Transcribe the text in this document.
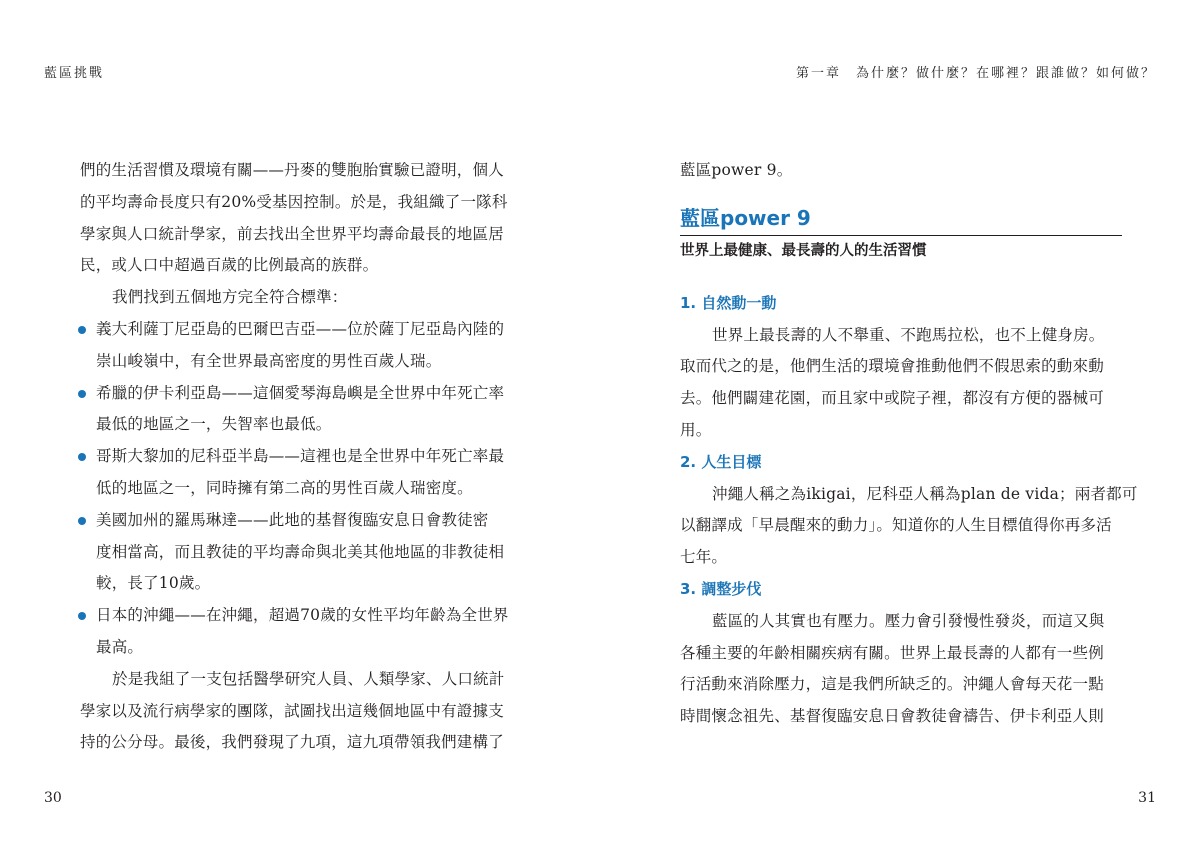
藍區挑戰
們的生活習慣及環境有關——丹麥的雙胞胎實驗已證明，個人
的平均壽命長度只有20%受基因控制。於是，我組織了一隊科
學家與人口統計學家，前去找出全世界平均壽命最長的地區居
民，或人口中超過百歲的比例最高的族群。
我們找到五個地方完全符合標準：
義大利薩丁尼亞島的巴爾巴吉亞——位於薩丁尼亞島內陸的
崇山峻嶺中，有全世界最高密度的男性百歲人瑞。
希臘的伊卡利亞島——這個愛琴海島嶼是全世界中年死亡率
最低的地區之一，失智率也最低。
哥斯大黎加的尼科亞半島——這裡也是全世界中年死亡率最
低的地區之一，同時擁有第二高的男性百歲人瑞密度。
美國加州的羅馬琳達——此地的基督復臨安息日會教徒密
度相當高，而且教徒的平均壽命與北美其他地區的非教徒相
較，長了10歲。
日本的沖繩——在沖繩，超過70歲的女性平均年齡為全世界
最高。
於是我組了一支包括醫學研究人員、人類學家、人口統計
學家以及流行病學家的團隊，試圖找出這幾個地區中有證據支
持的公分母。最後，我們發現了九項，這九項帶領我們建構了
30
第一章　為什麼？做什麼？在哪裡？跟誰做？如何做？
藍區power 9。
藍區power 9
世界上最健康、最長壽的人的生活習慣
1. 自然動一動
世界上最長壽的人不舉重、不跑馬拉松，也不上健身房。
取而代之的是，他們生活的環境會推動他們不假思索的動來動
去。他們闢建花園，而且家中或院子裡，都沒有方便的器械可
用。
2. 人生目標
沖繩人稱之為ikigai，尼科亞人稱為plan de vida；兩者都可
以翻譯成「早晨醒來的動力」。知道你的人生目標值得你再多活
七年。
3. 調整步伐
藍區的人其實也有壓力。壓力會引發慢性發炎，而這又與
各種主要的年齡相關疾病有關。世界上最長壽的人都有一些例
行活動來消除壓力，這是我們所缺乏的。沖繩人會每天花一點
時間懷念祖先、基督復臨安息日會教徒會禱告、伊卡利亞人則
31
